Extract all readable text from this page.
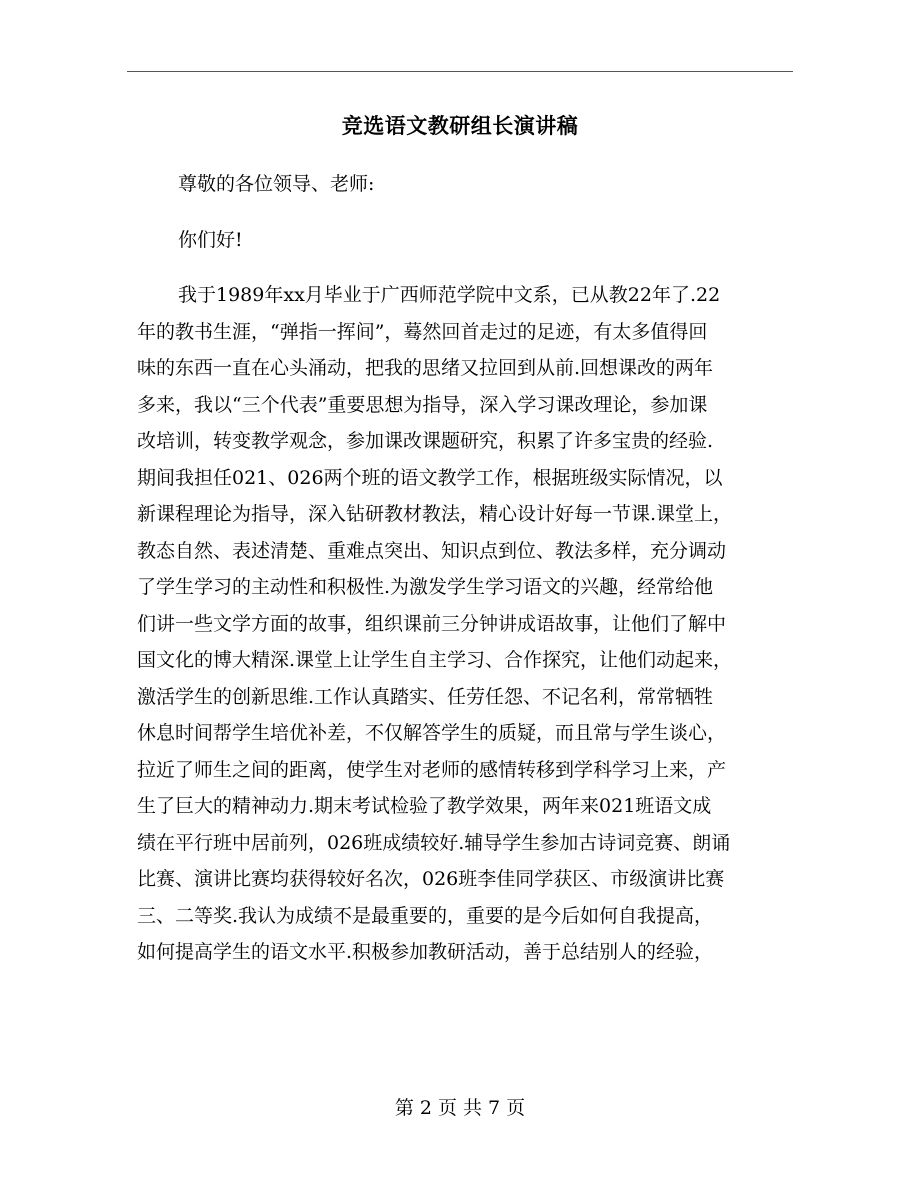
竞选语文教研组长演讲稿

尊敬的各位领导、老师:

你们好!

我于1989年xx月毕业于广西师范学院中文系，已从教22年了.22
年的教书生涯，“弹指一挥间”，蓦然回首走过的足迹，有太多值得回
味的东西一直在心头涌动，把我的思绪又拉回到从前.回想课改的两年
多来，我以“三个代表”重要思想为指导，深入学习课改理论，参加课
改培训，转变教学观念，参加课改课题研究，积累了许多宝贵的经验.
期间我担任021、026两个班的语文教学工作，根据班级实际情况，以
新课程理论为指导，深入钻研教材教法，精心设计好每一节课.课堂上，
教态自然、表述清楚、重难点突出、知识点到位、教法多样，充分调动
了学生学习的主动性和积极性.为激发学生学习语文的兴趣，经常给他
们讲一些文学方面的故事，组织课前三分钟讲成语故事，让他们了解中
国文化的博大精深.课堂上让学生自主学习、合作探究，让他们动起来，
激活学生的创新思维.工作认真踏实、任劳任怨、不记名利，常常牺牲
休息时间帮学生培优补差，不仅解答学生的质疑，而且常与学生谈心，
拉近了师生之间的距离，使学生对老师的感情转移到学科学习上来，产
生了巨大的精神动力.期末考试检验了教学效果，两年来021班语文成
绩在平行班中居前列，026班成绩较好.辅导学生参加古诗词竞赛、朗诵
比赛、演讲比赛均获得较好名次，026班李佳同学获区、市级演讲比赛
三、二等奖.我认为成绩不是最重要的，重要的是今后如何自我提高，
如何提高学生的语文水平.积极参加教研活动，善于总结别人的经验，
第 2 页 共 7 页
